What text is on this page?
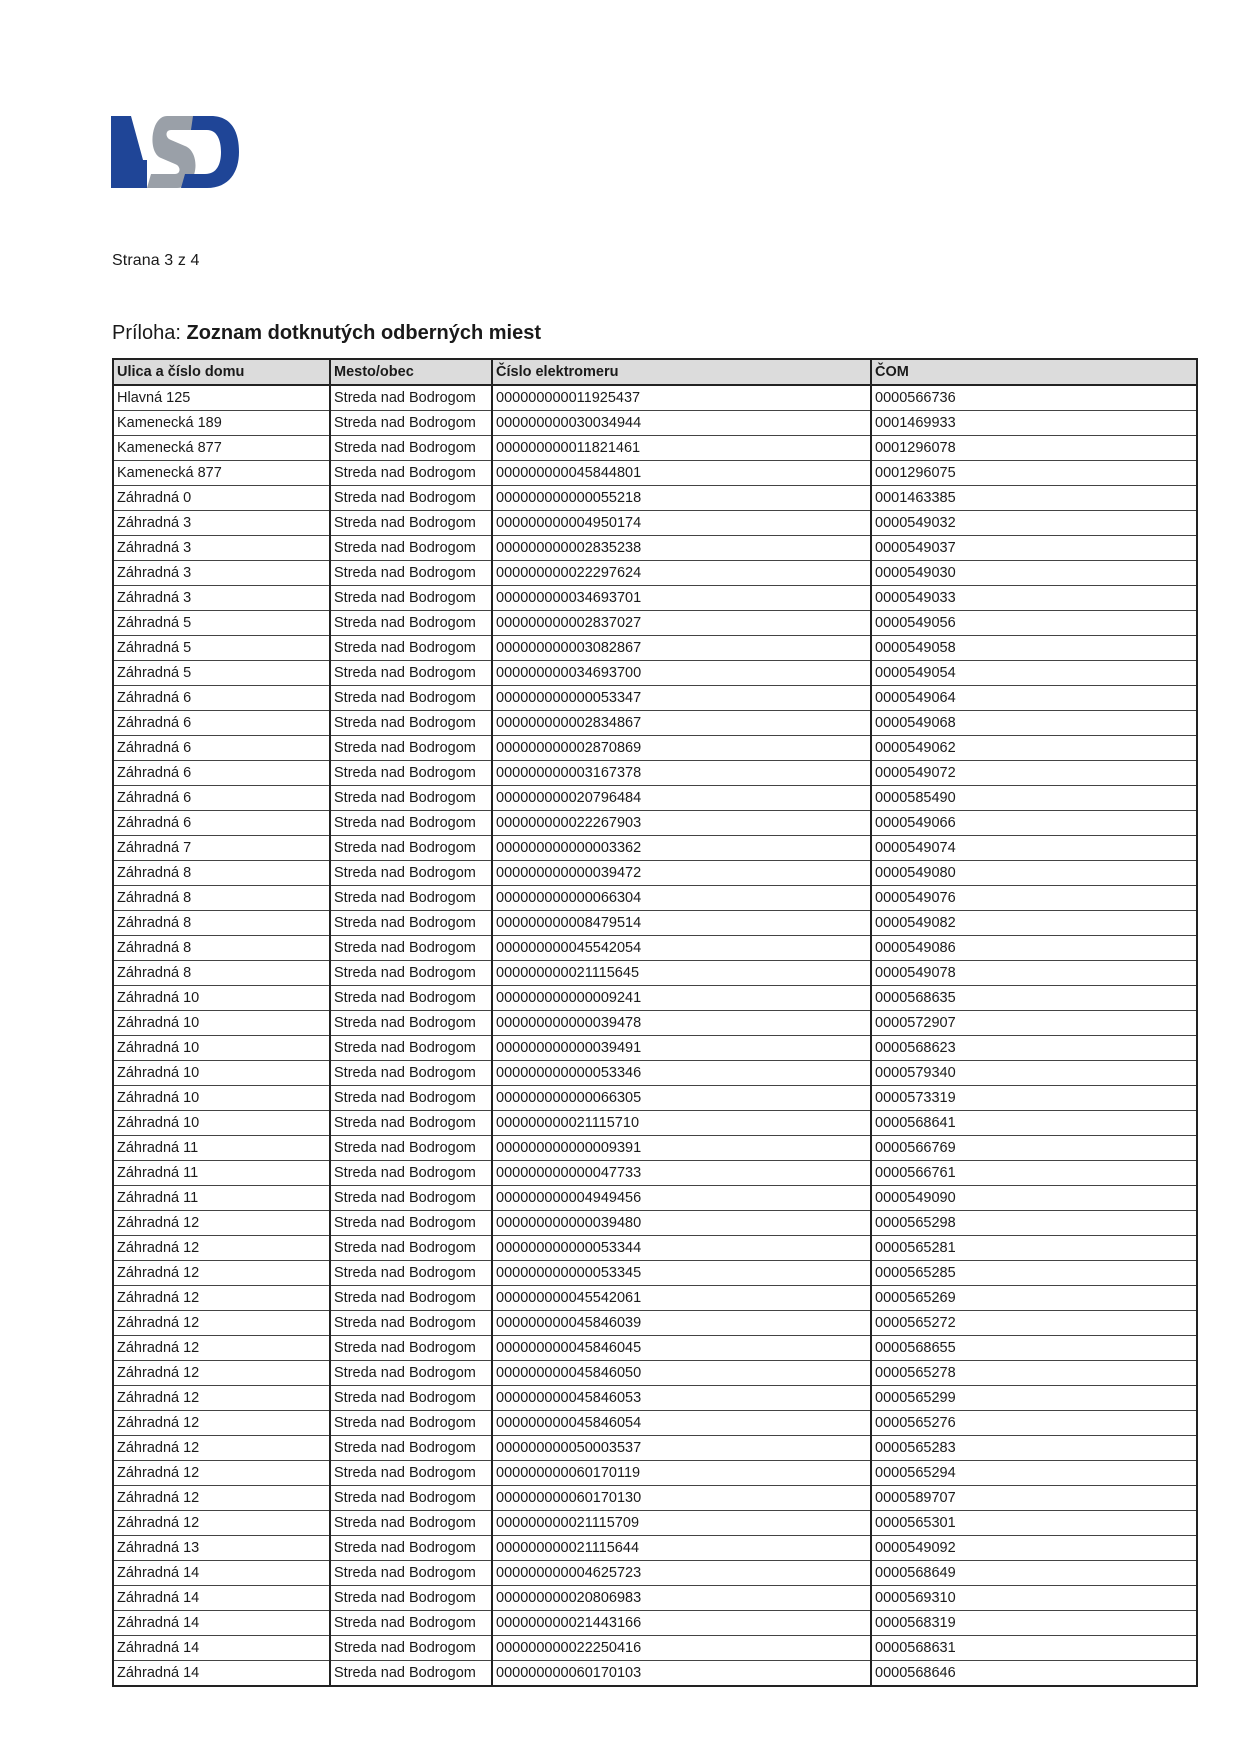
Strana 3 z 4
Príloha: Zoznam dotknutých odberných miest
Ulica a číslo domu	Mesto/obec	Číslo elektromeru	ČOM
Hlavná 125	Streda nad Bodrogom	000000000011925437	0000566736
Kamenecká 189	Streda nad Bodrogom	000000000030034944	0001469933
Kamenecká 877	Streda nad Bodrogom	000000000011821461	0001296078
Kamenecká 877	Streda nad Bodrogom	000000000045844801	0001296075
Záhradná 0	Streda nad Bodrogom	000000000000055218	0001463385
Záhradná 3	Streda nad Bodrogom	000000000004950174	0000549032
Záhradná 3	Streda nad Bodrogom	000000000002835238	0000549037
Záhradná 3	Streda nad Bodrogom	000000000022297624	0000549030
Záhradná 3	Streda nad Bodrogom	000000000034693701	0000549033
Záhradná 5	Streda nad Bodrogom	000000000002837027	0000549056
Záhradná 5	Streda nad Bodrogom	000000000003082867	0000549058
Záhradná 5	Streda nad Bodrogom	000000000034693700	0000549054
Záhradná 6	Streda nad Bodrogom	000000000000053347	0000549064
Záhradná 6	Streda nad Bodrogom	000000000002834867	0000549068
Záhradná 6	Streda nad Bodrogom	000000000002870869	0000549062
Záhradná 6	Streda nad Bodrogom	000000000003167378	0000549072
Záhradná 6	Streda nad Bodrogom	000000000020796484	0000585490
Záhradná 6	Streda nad Bodrogom	000000000022267903	0000549066
Záhradná 7	Streda nad Bodrogom	000000000000003362	0000549074
Záhradná 8	Streda nad Bodrogom	000000000000039472	0000549080
Záhradná 8	Streda nad Bodrogom	000000000000066304	0000549076
Záhradná 8	Streda nad Bodrogom	000000000008479514	0000549082
Záhradná 8	Streda nad Bodrogom	000000000045542054	0000549086
Záhradná 8	Streda nad Bodrogom	000000000021115645	0000549078
Záhradná 10	Streda nad Bodrogom	000000000000009241	0000568635
Záhradná 10	Streda nad Bodrogom	000000000000039478	0000572907
Záhradná 10	Streda nad Bodrogom	000000000000039491	0000568623
Záhradná 10	Streda nad Bodrogom	000000000000053346	0000579340
Záhradná 10	Streda nad Bodrogom	000000000000066305	0000573319
Záhradná 10	Streda nad Bodrogom	000000000021115710	0000568641
Záhradná 11	Streda nad Bodrogom	000000000000009391	0000566769
Záhradná 11	Streda nad Bodrogom	000000000000047733	0000566761
Záhradná 11	Streda nad Bodrogom	000000000004949456	0000549090
Záhradná 12	Streda nad Bodrogom	000000000000039480	0000565298
Záhradná 12	Streda nad Bodrogom	000000000000053344	0000565281
Záhradná 12	Streda nad Bodrogom	000000000000053345	0000565285
Záhradná 12	Streda nad Bodrogom	000000000045542061	0000565269
Záhradná 12	Streda nad Bodrogom	000000000045846039	0000565272
Záhradná 12	Streda nad Bodrogom	000000000045846045	0000568655
Záhradná 12	Streda nad Bodrogom	000000000045846050	0000565278
Záhradná 12	Streda nad Bodrogom	000000000045846053	0000565299
Záhradná 12	Streda nad Bodrogom	000000000045846054	0000565276
Záhradná 12	Streda nad Bodrogom	000000000050003537	0000565283
Záhradná 12	Streda nad Bodrogom	000000000060170119	0000565294
Záhradná 12	Streda nad Bodrogom	000000000060170130	0000589707
Záhradná 12	Streda nad Bodrogom	000000000021115709	0000565301
Záhradná 13	Streda nad Bodrogom	000000000021115644	0000549092
Záhradná 14	Streda nad Bodrogom	000000000004625723	0000568649
Záhradná 14	Streda nad Bodrogom	000000000020806983	0000569310
Záhradná 14	Streda nad Bodrogom	000000000021443166	0000568319
Záhradná 14	Streda nad Bodrogom	000000000022250416	0000568631
Záhradná 14	Streda nad Bodrogom	000000000060170103	0000568646
